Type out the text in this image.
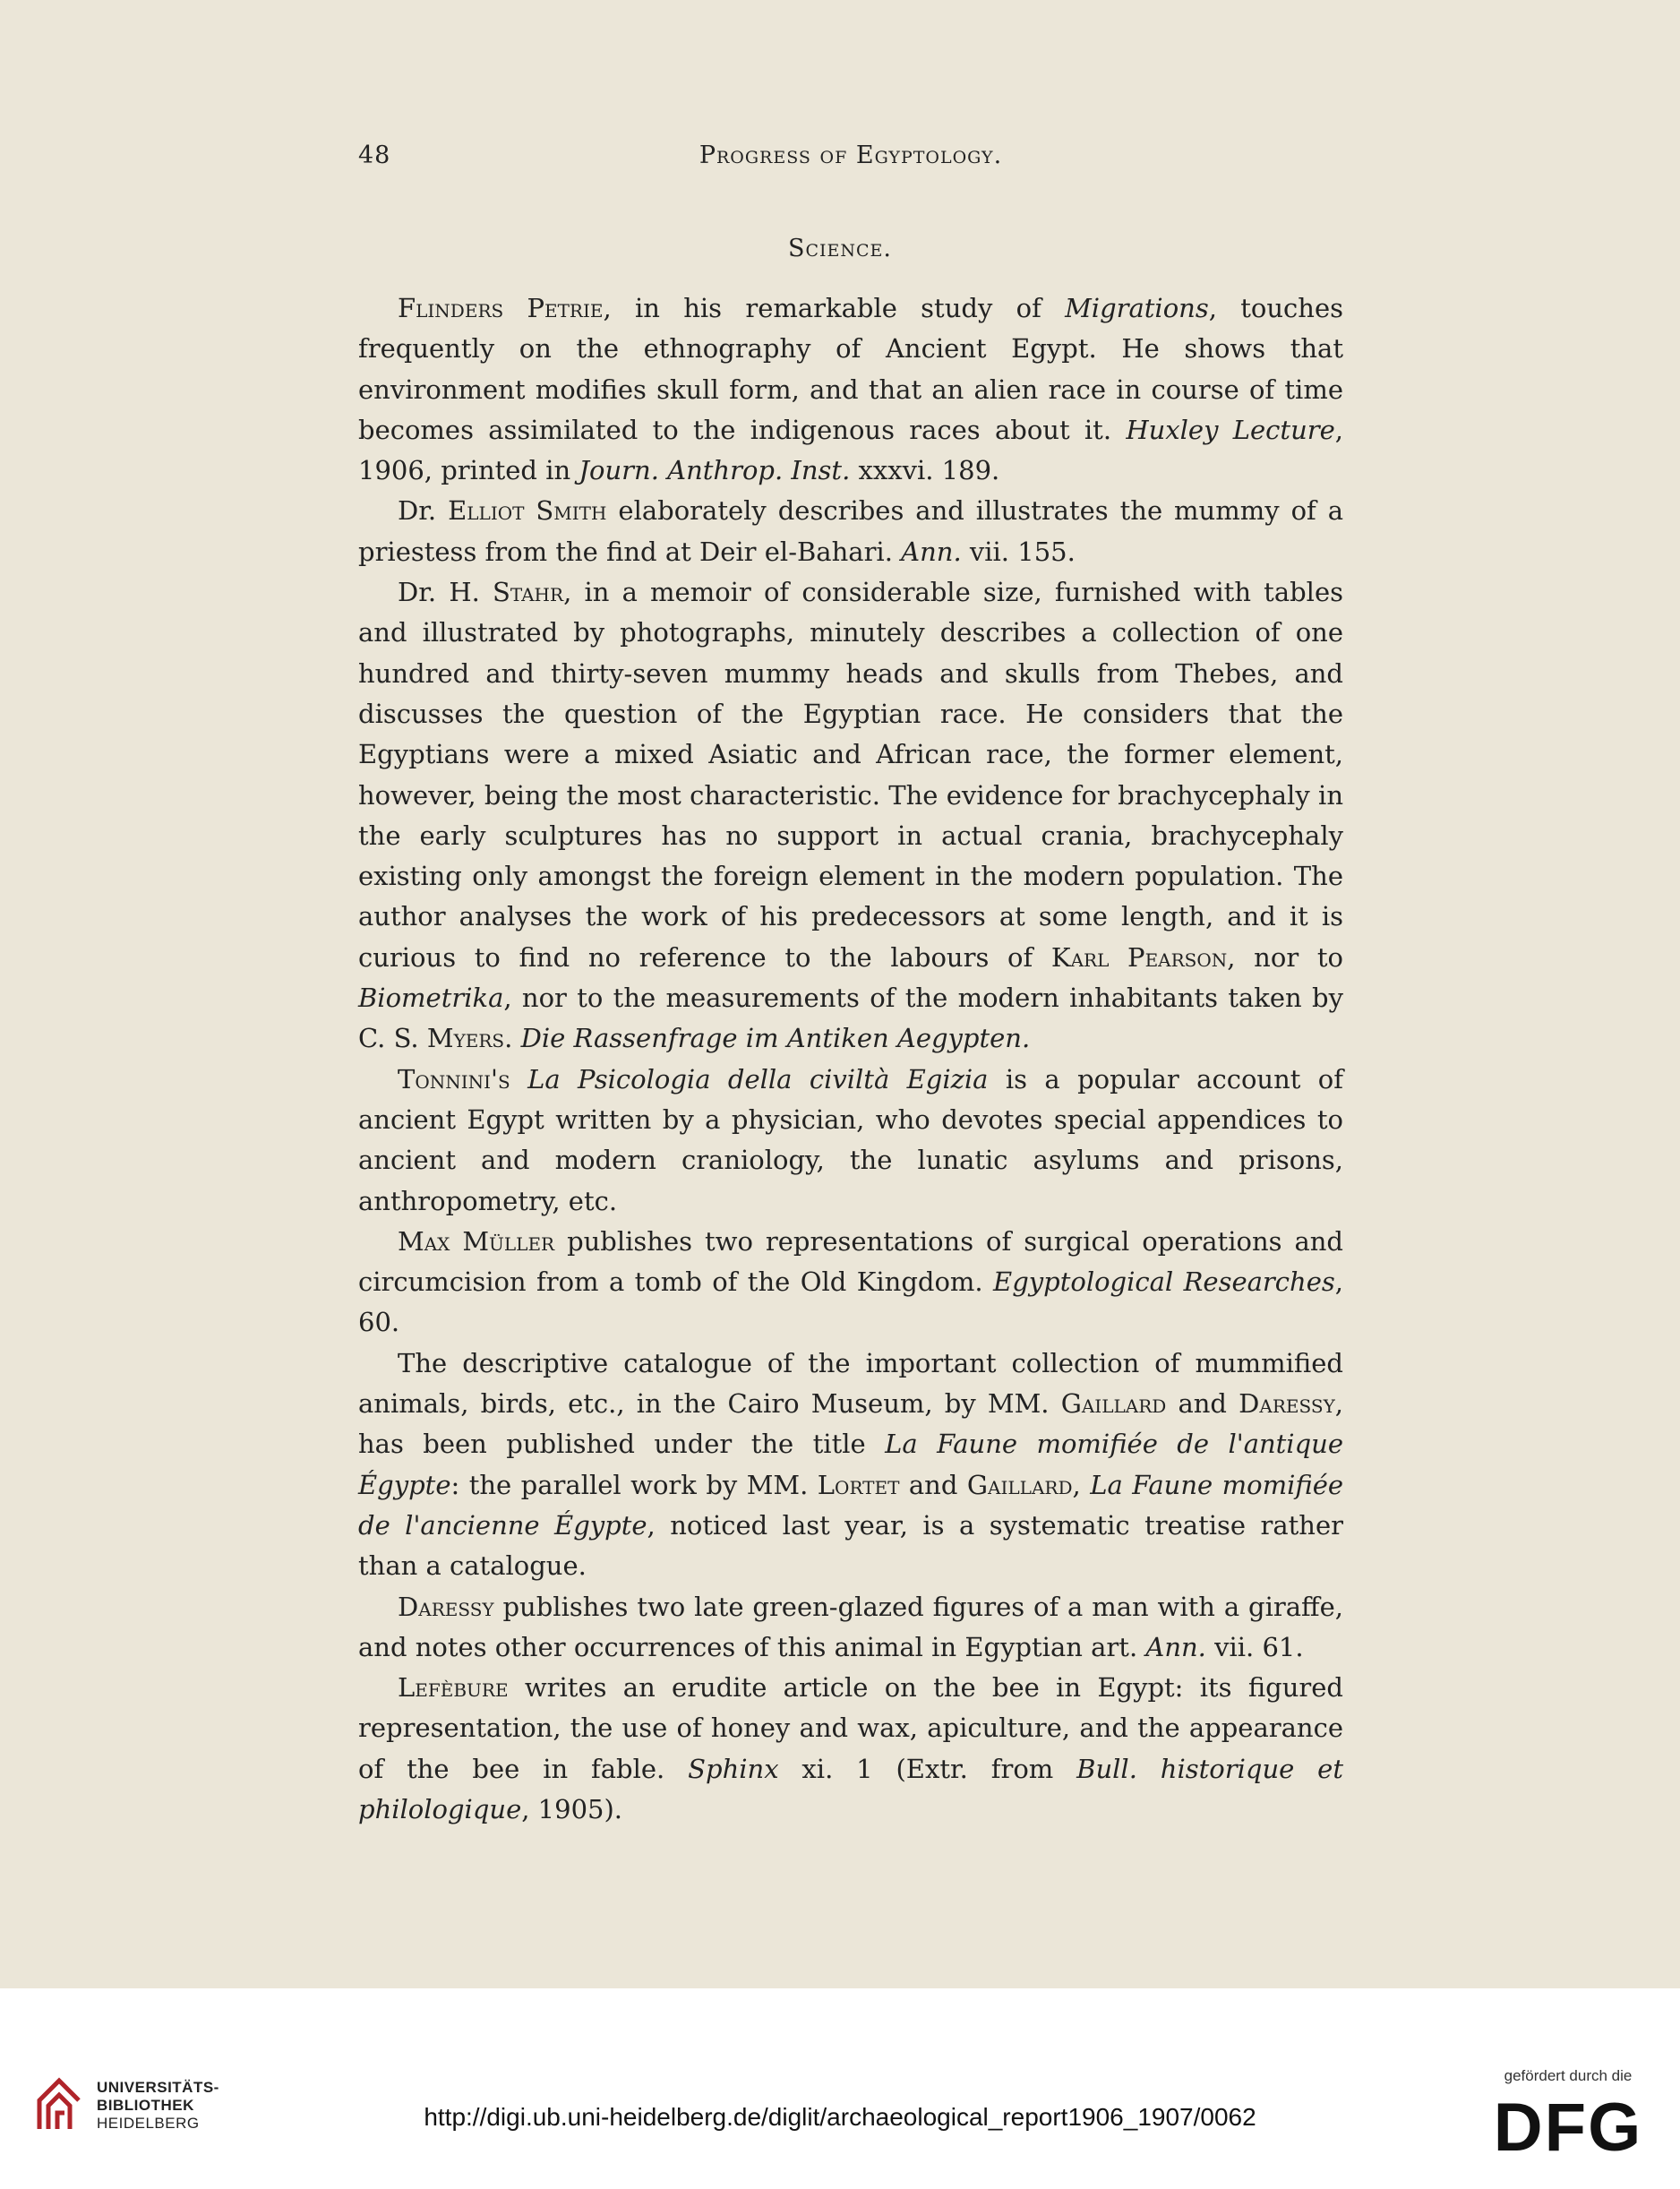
48	Progress of Egyptology.
Science.

Flinders Petrie, in his remarkable study of Migrations, touches frequently on the ethnography of Ancient Egypt. He shows that environment modifies skull form, and that an alien race in course of time becomes assimilated to the indigenous races about it. Huxley Lecture, 1906, printed in Journ. Anthrop. Inst. xxxvi. 189.

Dr. Elliot Smith elaborately describes and illustrates the mummy of a priestess from the find at Deir el-Bahari. Ann. vii. 155.

Dr. H. Stahr, in a memoir of considerable size, furnished with tables and illustrated by photographs, minutely describes a collection of one hundred and thirty-seven mummy heads and skulls from Thebes, and discusses the question of the Egyptian race. He considers that the Egyptians were a mixed Asiatic and African race, the former element, however, being the most characteristic. The evidence for brachycephaly in the early sculptures has no support in actual crania, brachycephaly existing only amongst the foreign element in the modern population. The author analyses the work of his predecessors at some length, and it is curious to find no reference to the labours of Karl Pearson, nor to Biometrika, nor to the measurements of the modern inhabitants taken by C. S. Myers. Die Rassenfrage im Antiken Aegypten.

Tonnini's La Psicologia della civiltà Egizia is a popular account of ancient Egypt written by a physician, who devotes special appendices to ancient and modern craniology, the lunatic asylums and prisons, anthropometry, etc.

Max Müller publishes two representations of surgical operations and circumcision from a tomb of the Old Kingdom. Egyptological Researches, 60.

The descriptive catalogue of the important collection of mummified animals, birds, etc., in the Cairo Museum, by MM. Gaillard and Daressy, has been published under the title La Faune momifiée de l'antique Égypte: the parallel work by MM. Lortet and Gaillard, La Faune momifiée de l'ancienne Égypte, noticed last year, is a systematic treatise rather than a catalogue.

Daressy publishes two late green-glazed figures of a man with a giraffe, and notes other occurrences of this animal in Egyptian art. Ann. vii. 61.

Lefèbure writes an erudite article on the bee in Egypt: its figured representation, the use of honey and wax, apiculture, and the appearance of the bee in fable. Sphinx xi. 1 (Extr. from Bull. historique et philologique, 1905).

UNIVERSITÄTS-
BIBLIOTHEK
HEIDELBERG	http://digi.ub.uni-heidelberg.de/diglit/archaeological_report1906_1907/0062
gefördert durch die
DFG
